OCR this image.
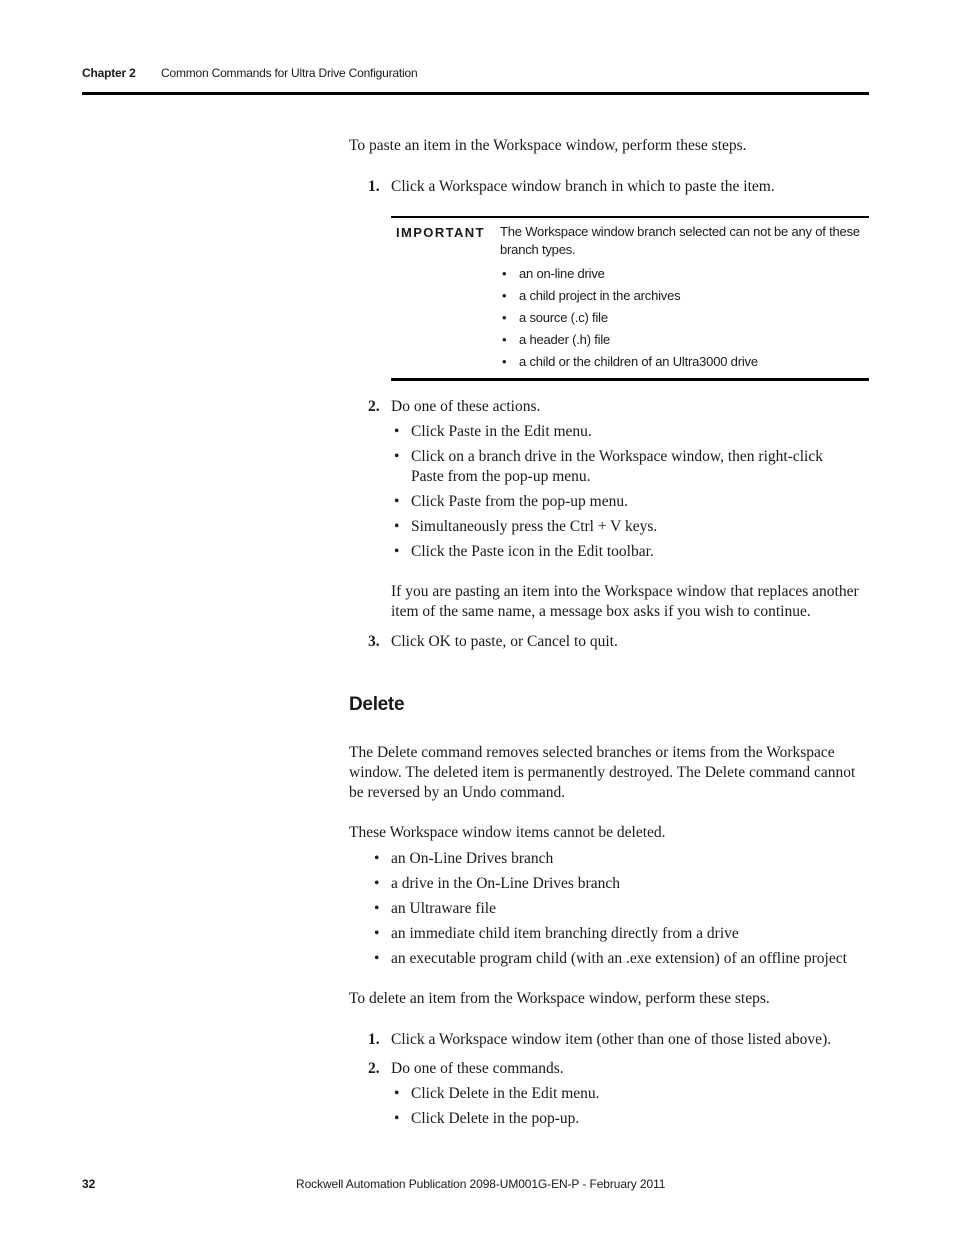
Chapter 2 Common Commands for Ultra Drive Configuration
To paste an item in the Workspace window, perform these steps.
1. Click a Workspace window branch in which to paste the item.
IMPORTANT The Workspace window branch selected can not be any of these branch types.
• an on-line drive
• a child project in the archives
• a source (.c) file
• a header (.h) file
• a child or the children of an Ultra3000 drive
2. Do one of these actions.
• Click Paste in the Edit menu.
• Click on a branch drive in the Workspace window, then right-click Paste from the pop-up menu.
• Click Paste from the pop-up menu.
• Simultaneously press the Ctrl + V keys.
• Click the Paste icon in the Edit toolbar.
If you are pasting an item into the Workspace window that replaces another item of the same name, a message box asks if you wish to continue.
3. Click OK to paste, or Cancel to quit.
Delete
The Delete command removes selected branches or items from the Workspace window. The deleted item is permanently destroyed. The Delete command cannot be reversed by an Undo command.
These Workspace window items cannot be deleted.
• an On-Line Drives branch
• a drive in the On-Line Drives branch
• an Ultraware file
• an immediate child item branching directly from a drive
• an executable program child (with an .exe extension) of an offline project
To delete an item from the Workspace window, perform these steps.
1. Click a Workspace window item (other than one of those listed above).
2. Do one of these commands.
• Click Delete in the Edit menu.
• Click Delete in the pop-up.
32	Rockwell Automation Publication 2098-UM001G-EN-P - February 2011
